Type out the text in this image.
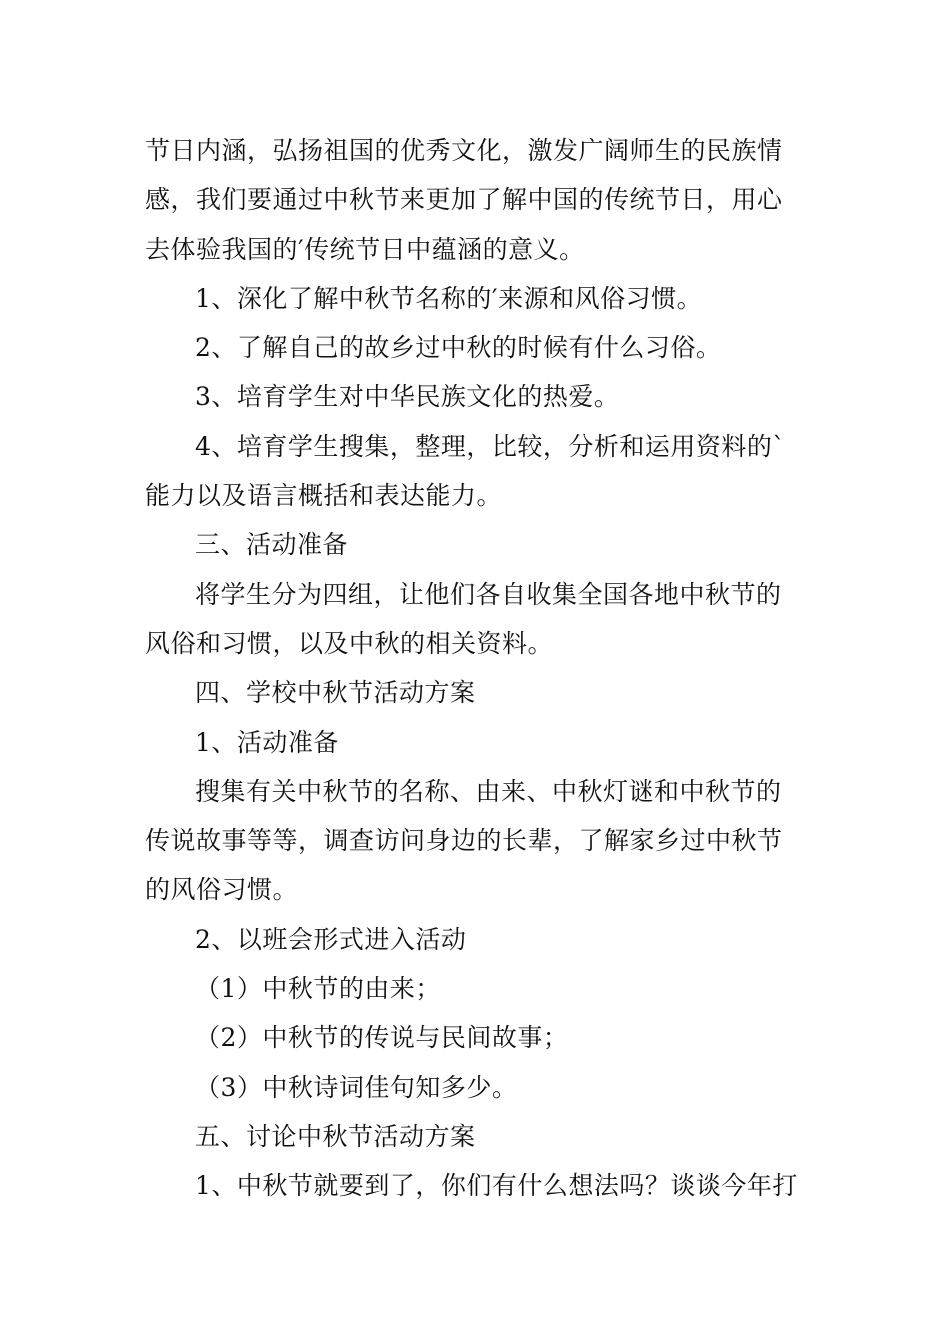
节日内涵，弘扬祖国的优秀文化，激发广阔师生的民族情
感，我们要通过中秋节来更加了解中国的传统节日，用心
去体验我国的′传统节日中蕴涵的意义。
1、深化了解中秋节名称的′来源和风俗习惯。
2、了解自己的故乡过中秋的时候有什么习俗。
3、培育学生对中华民族文化的热爱。
4、培育学生搜集，整理，比较，分析和运用资料的`
能力以及语言概括和表达能力。
三、活动准备
将学生分为四组，让他们各自收集全国各地中秋节的
风俗和习惯，以及中秋的相关资料。
四、学校中秋节活动方案
1、活动准备
搜集有关中秋节的名称、由来、中秋灯谜和中秋节的
传说故事等等，调查访问身边的长辈，了解家乡过中秋节
的风俗习惯。
2、以班会形式进入活动
（1）中秋节的由来；
（2）中秋节的传说与民间故事；
（3）中秋诗词佳句知多少。
五、讨论中秋节活动方案
1、中秋节就要到了，你们有什么想法吗？谈谈今年打
